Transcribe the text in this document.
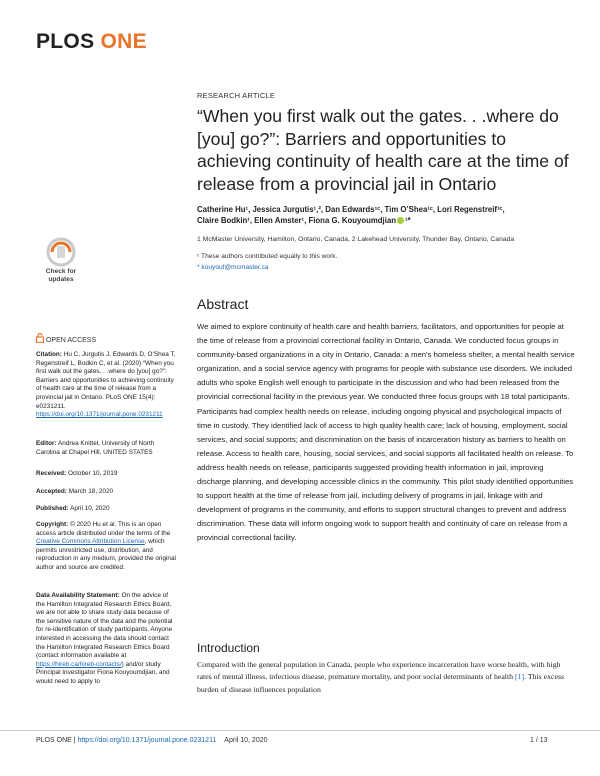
PLOS ONE
RESEARCH ARTICLE
“When you first walk out the gates. . .where do [you] go?”: Barriers and opportunities to achieving continuity of health care at the time of release from a provincial jail in Ontario
Catherine Hu¹, Jessica Jurgutis¹,², Dan Edwards¹ᶜ, Tim O’Shea¹ᶜ, Lori Regenstreif¹ᶜ,
Claire Bodkin¹, Ellen Amster¹, Fiona G. Kouyoumdjian ¹*
1 McMaster University, Hamilton, Ontario, Canada, 2 Lakehead University, Thunder Bay, Ontario, Canada
ᶜ These authors contributed equally to this work.
* kouyouf@mcmaster.ca
Check for
updates
OPEN ACCESS
Citation: Hu C, Jurgutis J, Edwards D, O’Shea T, Regenstreif L, Bodkin C, et al. (2020) “When you first walk out the gates. . .where do [you] go?”: Barriers and opportunities to achieving continuity of health care at the time of release from a provincial jail in Ontario. PLoS ONE 15(4): e0231211. https://doi.org/10.1371/journal.pone.0231211
Editor: Andrea Knittel, University of North Carolina at Chapel Hill, UNITED STATES
Received: October 10, 2019
Accepted: March 18, 2020
Published: April 10, 2020
Copyright: © 2020 Hu et al. This is an open access article distributed under the terms of the Creative Commons Attribution License, which permits unrestricted use, distribution, and reproduction in any medium, provided the original author and source are credited.
Data Availability Statement: On the advice of the Hamilton Integrated Research Ethics Board, we are not able to share study data because of the sensitive nature of the data and the potential for re-identification of study participants. Anyone interested in accessing the data should contact the Hamilton Integrated Research Ethics Board (contact information available at https://hireb.ca/hireb-contacts/) and/or study Principal Investigator Fiona Kouyoumdjian, and would need to apply to
Abstract

We aimed to explore continuity of health care and health barriers, facilitators, and opportunities for people at the time of release from a provincial correctional facility in Ontario, Canada. We conducted focus groups in community-based organizations in a city in Ontario, Canada: a men’s homeless shelter, a mental health service organization, and a social service agency with programs for people with substance use disorders. We included adults who spoke English well enough to participate in the discussion and who had been released from the provincial correctional facility in the previous year. We conducted three focus groups with 18 total participants. Participants had complex health needs on release, including ongoing physical and psychological impacts of time in custody. They identified lack of access to high quality health care; lack of housing, employment, social services, and social supports; and discrimination on the basis of incarceration history as barriers to health on release. Access to health care, housing, social services, and social supports all facilitated health on release. To address health needs on release, participants suggested providing health information in jail, improving discharge planning, and developing accessible clinics in the community. This pilot study identified opportunities to support health at the time of release from jail, including delivery of programs in jail, linkage with and development of programs in the community, and efforts to support structural changes to prevent and address discrimination. These data will inform ongoing work to support health and continuity of care on release from a provincial correctional facility.

Introduction

Compared with the general population in Canada, people who experience incarceration have worse health, with high rates of mental illness, infectious disease, premature mortality, and poor social determinants of health [1]. This excess burden of disease influences population

PLOS ONE | https://doi.org/10.1371/journal.pone.0231211 April 10, 2020	1 / 13
